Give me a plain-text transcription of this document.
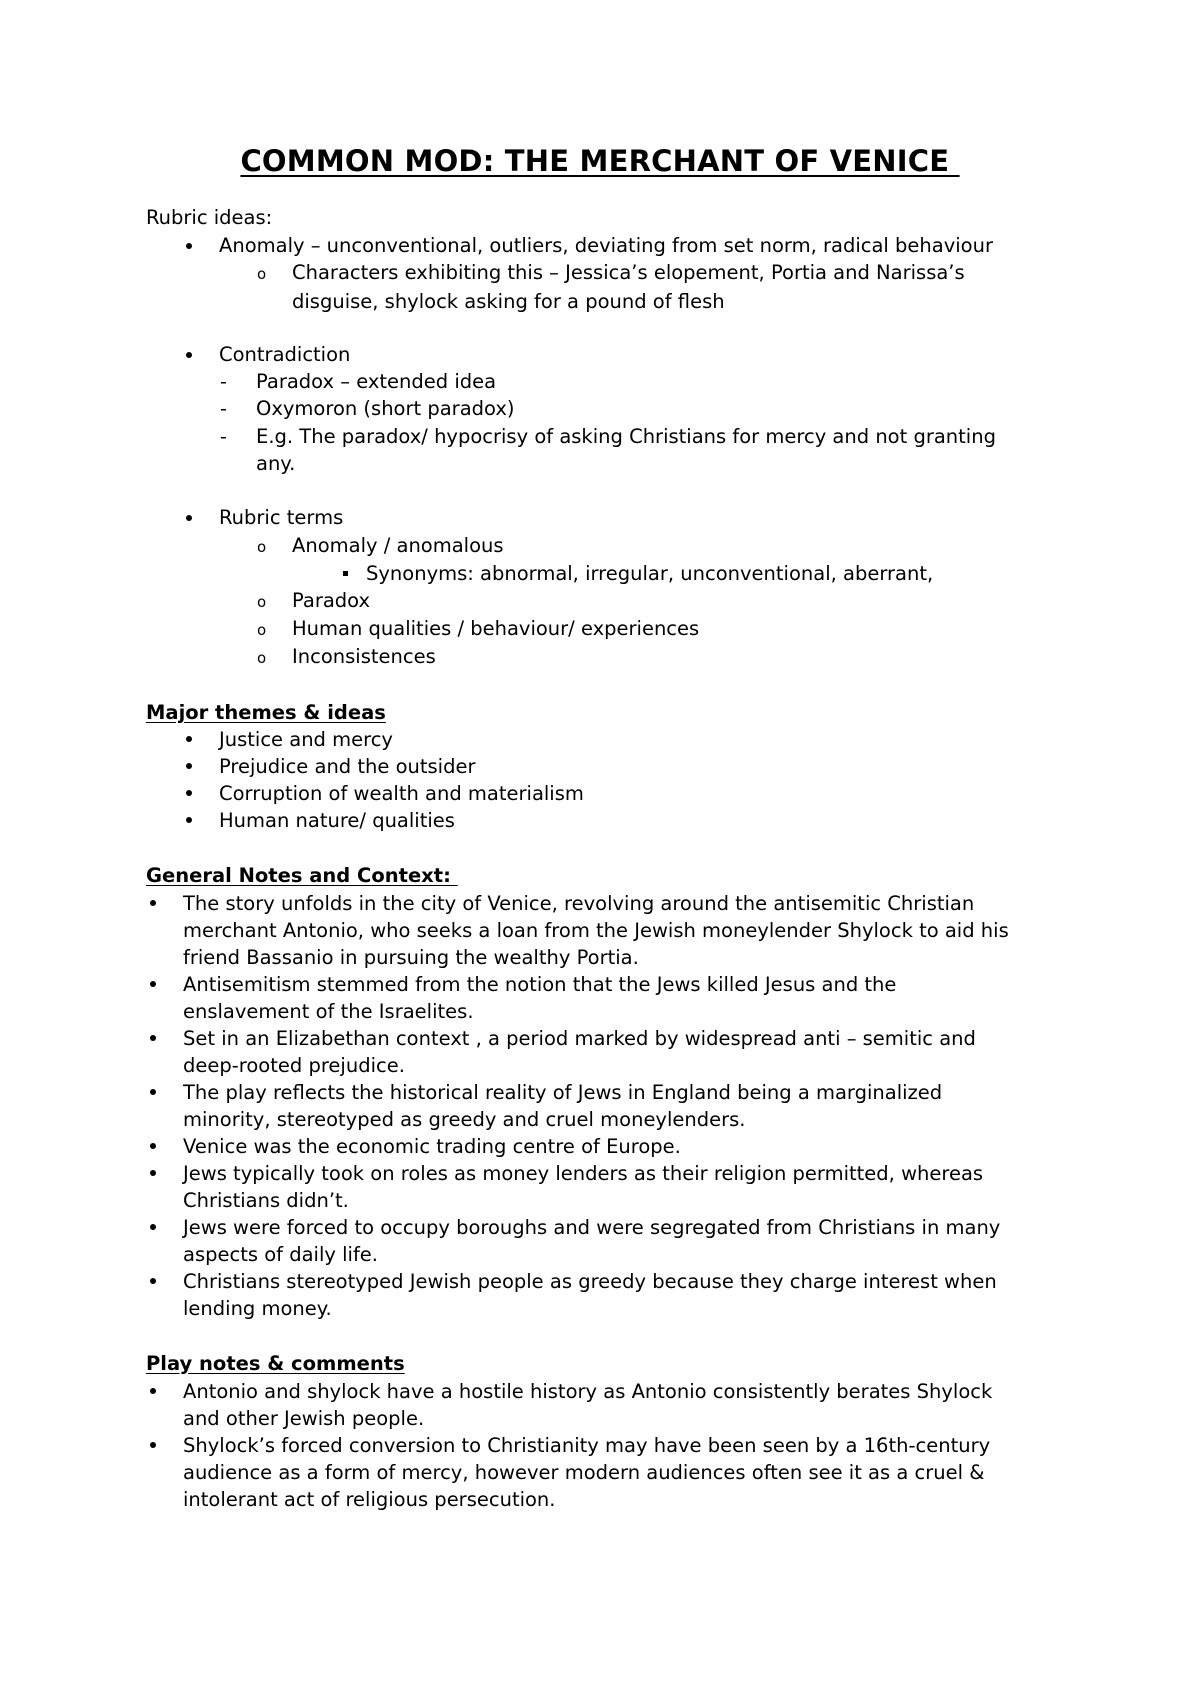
COMMON MOD: THE MERCHANT OF VENICE
Rubric ideas:
Anomaly – unconventional, outliers, deviating from set norm, radical behaviour
o Characters exhibiting this – Jessica’s elopement, Portia and Narissa’s
disguise, shylock asking for a pound of flesh
Contradiction
- Paradox – extended idea
- Oxymoron (short paradox)
- E.g. The paradox/ hypocrisy of asking Christians for mercy and not granting
any.
Rubric terms
o Anomaly / anomalous
Synonyms: abnormal, irregular, unconventional, aberrant,
o Paradox
o Human qualities / behaviour/ experiences
o Inconsistences
Major themes & ideas
Justice and mercy
Prejudice and the outsider
Corruption of wealth and materialism
Human nature/ qualities
General Notes and Context:
The story unfolds in the city of Venice, revolving around the antisemitic Christian
merchant Antonio, who seeks a loan from the Jewish moneylender Shylock to aid his
friend Bassanio in pursuing the wealthy Portia.
Antisemitism stemmed from the notion that the Jews killed Jesus and the
enslavement of the Israelites.
Set in an Elizabethan context , a period marked by widespread anti – semitic and
deep-rooted prejudice.
The play reflects the historical reality of Jews in England being a marginalized
minority, stereotyped as greedy and cruel moneylenders.
Venice was the economic trading centre of Europe.
Jews typically took on roles as money lenders as their religion permitted, whereas
Christians didn’t.
Jews were forced to occupy boroughs and were segregated from Christians in many
aspects of daily life.
Christians stereotyped Jewish people as greedy because they charge interest when
lending money.
Play notes & comments
Antonio and shylock have a hostile history as Antonio consistently berates Shylock
and other Jewish people.
Shylock’s forced conversion to Christianity may have been seen by a 16th-century
audience as a form of mercy, however modern audiences often see it as a cruel &
intolerant act of religious persecution.
